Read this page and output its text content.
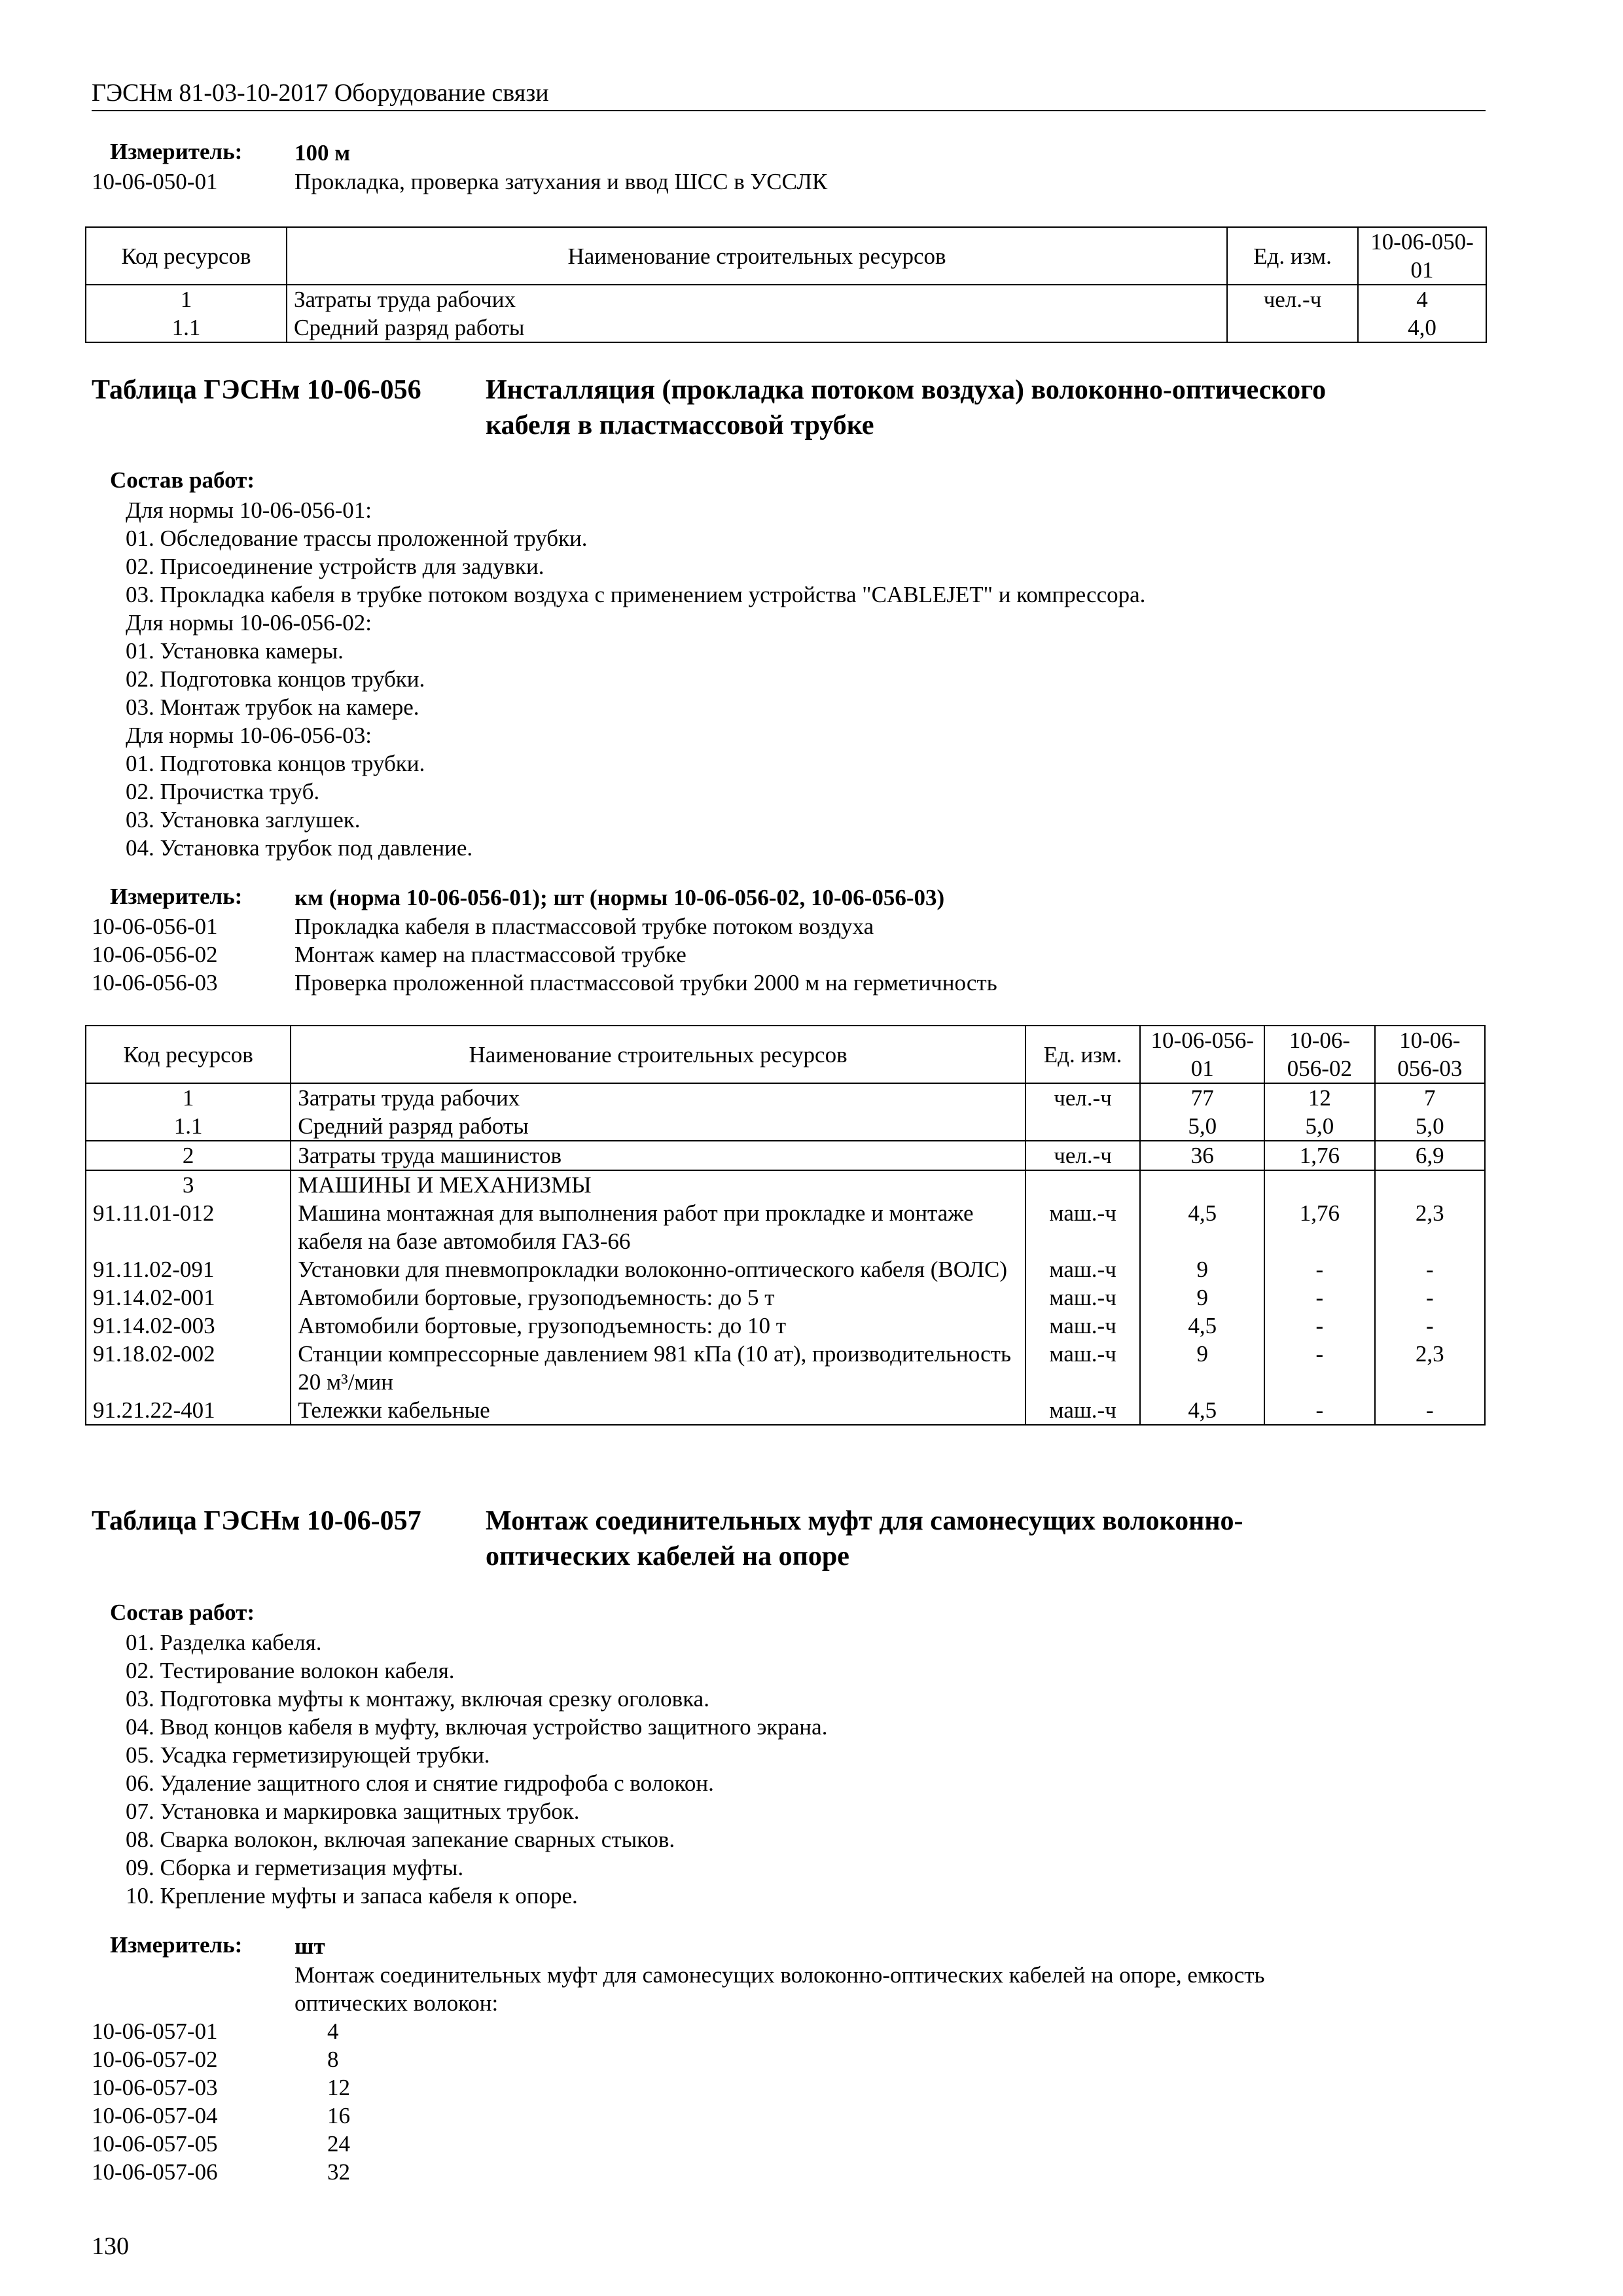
ГЭСНм 81-03-10-2017 Оборудование связи
Измеритель: 100 м
10-06-050-01	Прокладка, проверка затухания и ввод ШСС в УССЛК
Код ресурсов	Наименование строительных ресурсов	Ед. изм.	10-06-050-01
1	Затраты труда рабочих	чел.-ч	4
1.1	Средний разряд работы		4,0
Таблица ГЭСНм 10-06-056 Инсталляция (прокладка потоком воздуха) волоконно-оптического
кабеля в пластмассовой трубке
Состав работ:
Для нормы 10-06-056-01:
01. Обследование трассы проложенной трубки.
02. Присоединение устройств для задувки.
03. Прокладка кабеля в трубке потоком воздуха с применением устройства "CABLEJET" и компрессора.
Для нормы 10-06-056-02:
01. Установка камеры.
02. Подготовка концов трубки.
03. Монтаж трубок на камере.
Для нормы 10-06-056-03:
01. Подготовка концов трубки.
02. Прочистка труб.
03. Установка заглушек.
04. Установка трубок под давление.
Измеритель: км (норма 10-06-056-01); шт (нормы 10-06-056-02, 10-06-056-03)
10-06-056-01	Прокладка кабеля в пластмассовой трубке потоком воздуха
10-06-056-02	Монтаж камер на пластмассовой трубке
10-06-056-03	Проверка проложенной пластмассовой трубки 2000 м на герметичность
Код ресурсов	Наименование строительных ресурсов	Ед. изм.	10-06-056-01	10-06-056-02	10-06-056-03
1	Затраты труда рабочих	чел.-ч	77	12	7
1.1	Средний разряд работы		5,0	5,0	5,0
2	Затраты труда машинистов	чел.-ч	36	1,76	6,9
3	МАШИНЫ И МЕХАНИЗМЫ				
91.11.01-012	Машина монтажная для выполнения работ при прокладке и монтаже кабеля на базе автомобиля ГАЗ-66	маш.-ч	4,5	1,76	2,3
91.11.02-091	Установки для пневмопрокладки волоконно-оптического кабеля (ВОЛС)	маш.-ч	9	-	-
91.14.02-001	Автомобили бортовые, грузоподъемность: до 5 т	маш.-ч	9	-	-
91.14.02-003	Автомобили бортовые, грузоподъемность: до 10 т	маш.-ч	4,5	-	-
91.18.02-002	Станции компрессорные давлением 981 кПа (10 ат), производительность 20 м³/мин	маш.-ч	9	-	2,3
91.21.22-401	Тележки кабельные	маш.-ч	4,5	-	-
Таблица ГЭСНм 10-06-057 Монтаж соединительных муфт для самонесущих волоконно-
оптических кабелей на опоре
Состав работ:
01. Разделка кабеля.
02. Тестирование волокон кабеля.
03. Подготовка муфты к монтажу, включая срезку оголовка.
04. Ввод концов кабеля в муфту, включая устройство защитного экрана.
05. Усадка герметизирующей трубки.
06. Удаление защитного слоя и снятие гидрофоба с волокон.
07. Установка и маркировка защитных трубок.
08. Сварка волокон, включая запекание сварных стыков.
09. Сборка и герметизация муфты.
10. Крепление муфты и запаса кабеля к опоре.
Измеритель: шт
Монтаж соединительных муфт для самонесущих волоконно-оптических кабелей на опоре, емкость
оптических волокон:
10-06-057-01	4
10-06-057-02	8
10-06-057-03	12
10-06-057-04	16
10-06-057-05	24
10-06-057-06	32
130
